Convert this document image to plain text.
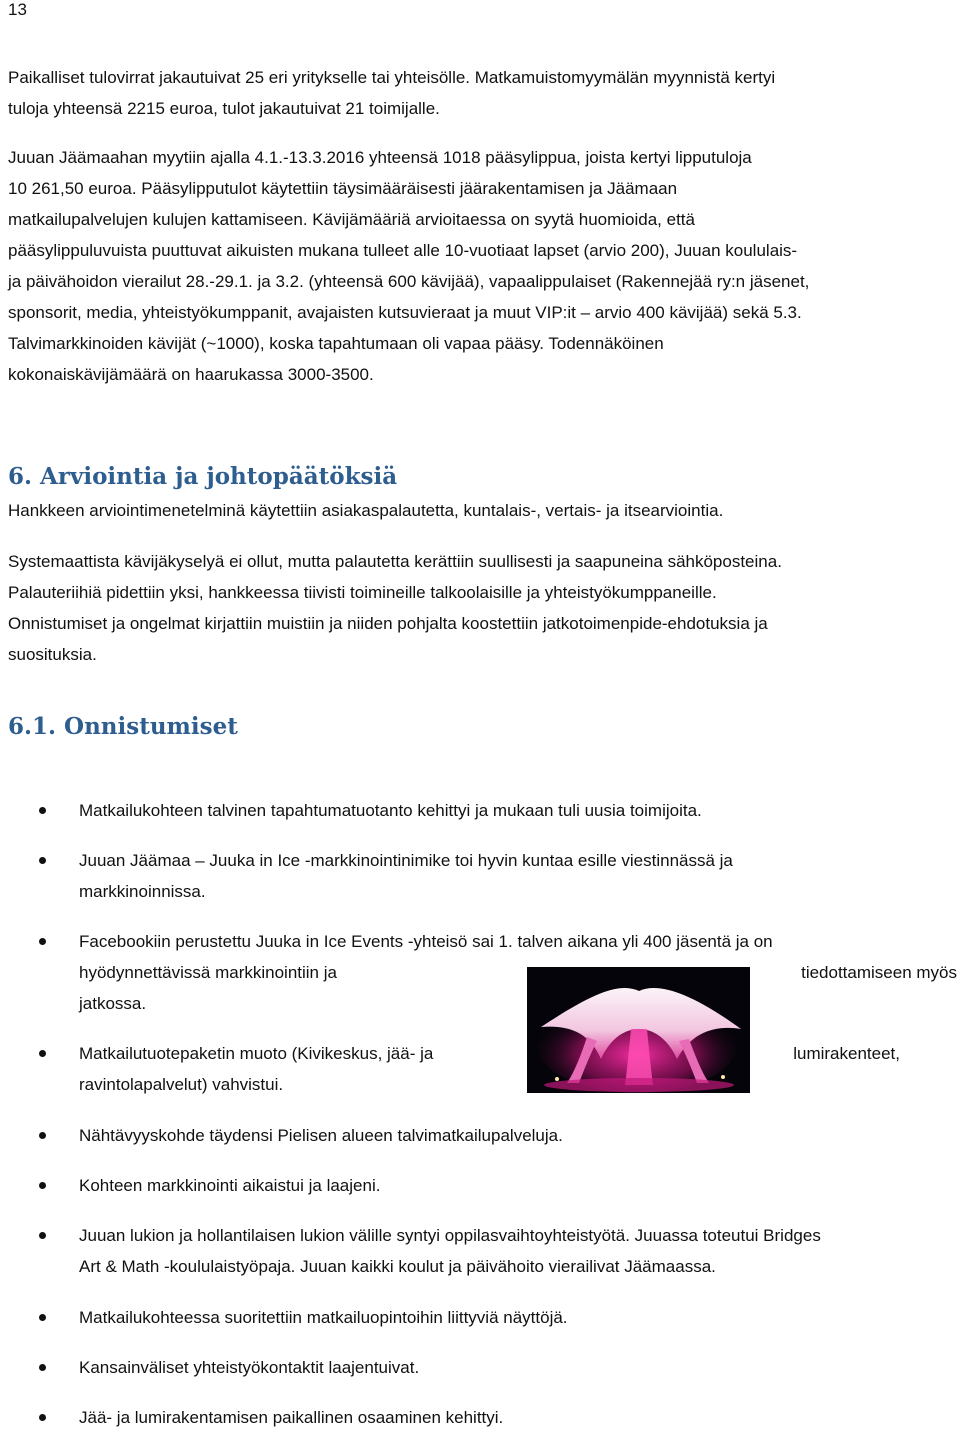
13
Paikalliset tulovirrat jakautuivat 25 eri yritykselle tai yhteisölle. Matkamuistomyymälän myynnistä kertyi
tuloja yhteensä 2215 euroa, tulot jakautuivat 21 toimijalle.
Juuan Jäämaahan myytiin ajalla 4.1.-13.3.2016 yhteensä 1018 pääsylippua, joista kertyi lipputuloja
10 261,50 euroa. Pääsylipputulot käytettiin täysimääräisesti jäärakentamisen ja Jäämaan
matkailupalvelujen kulujen kattamiseen. Kävijämääriä arvioitaessa on syytä huomioida, että
pääsylippuluvuista puuttuvat aikuisten mukana tulleet alle 10-vuotiaat lapset (arvio 200), Juuan koululais-
ja päivähoidon vierailut 28.-29.1. ja 3.2. (yhteensä 600 kävijää), vapaalippulaiset (Rakennejää ry:n jäsenet,
sponsorit, media, yhteistyökumppanit, avajaisten kutsuvieraat ja muut VIP:it – arvio 400 kävijää) sekä 5.3.
Talvimarkkinoiden kävijät (~1000), koska tapahtumaan oli vapaa pääsy. Todennäköinen
kokonaiskävijämäärä on haarukassa 3000-3500.
6. Arviointia ja johtopäätöksiä
Hankkeen arviointimenetelminä käytettiin asiakaspalautetta, kuntalais-, vertais- ja itsearviointia.
Systemaattista kävijäkyselyä ei ollut, mutta palautetta kerättiin suullisesti ja saapuneina sähköposteina.
Palauteriihiä pidettiin yksi, hankkeessa tiivisti toimineille talkoolaisille ja yhteistyökumppaneille.
Onnistumiset ja ongelmat kirjattiin muistiin ja niiden pohjalta koostettiin jatkotoimenpide-ehdotuksia ja
suosituksia.
6.1. Onnistumiset
Matkailukohteen talvinen tapahtumatuotanto kehittyi ja mukaan tuli uusia toimijoita.
Juuan Jäämaa – Juuka in Ice -markkinointinimike toi hyvin kuntaa esille viestinnässä ja
markkinoinnissa.
Facebookiin perustettu Juuka in Ice Events -yhteisö sai 1. talven aikana yli 400 jäsentä ja on
hyödynnettävissä markkinointiin ja	tiedottamiseen myös
jatkossa.
Matkailutuotepaketin muoto (Kivikeskus, jää- ja	lumirakenteet,
ravintolapalvelut) vahvistui.
Nähtävyyskohde täydensi Pielisen alueen talvimatkailupalveluja.
Kohteen markkinointi aikaistui ja laajeni.
Juuan lukion ja hollantilaisen lukion välille syntyi oppilasvaihtoyhteistyötä. Juuassa toteutui Bridges
Art & Math -koululaistyöpaja. Juuan kaikki koulut ja päivähoito vierailivat Jäämaassa.
Matkailukohteessa suoritettiin matkailuopintoihin liittyviä näyttöjä.
Kansainväliset yhteistyökontaktit laajentuivat.
Jää- ja lumirakentamisen paikallinen osaaminen kehittyi.
